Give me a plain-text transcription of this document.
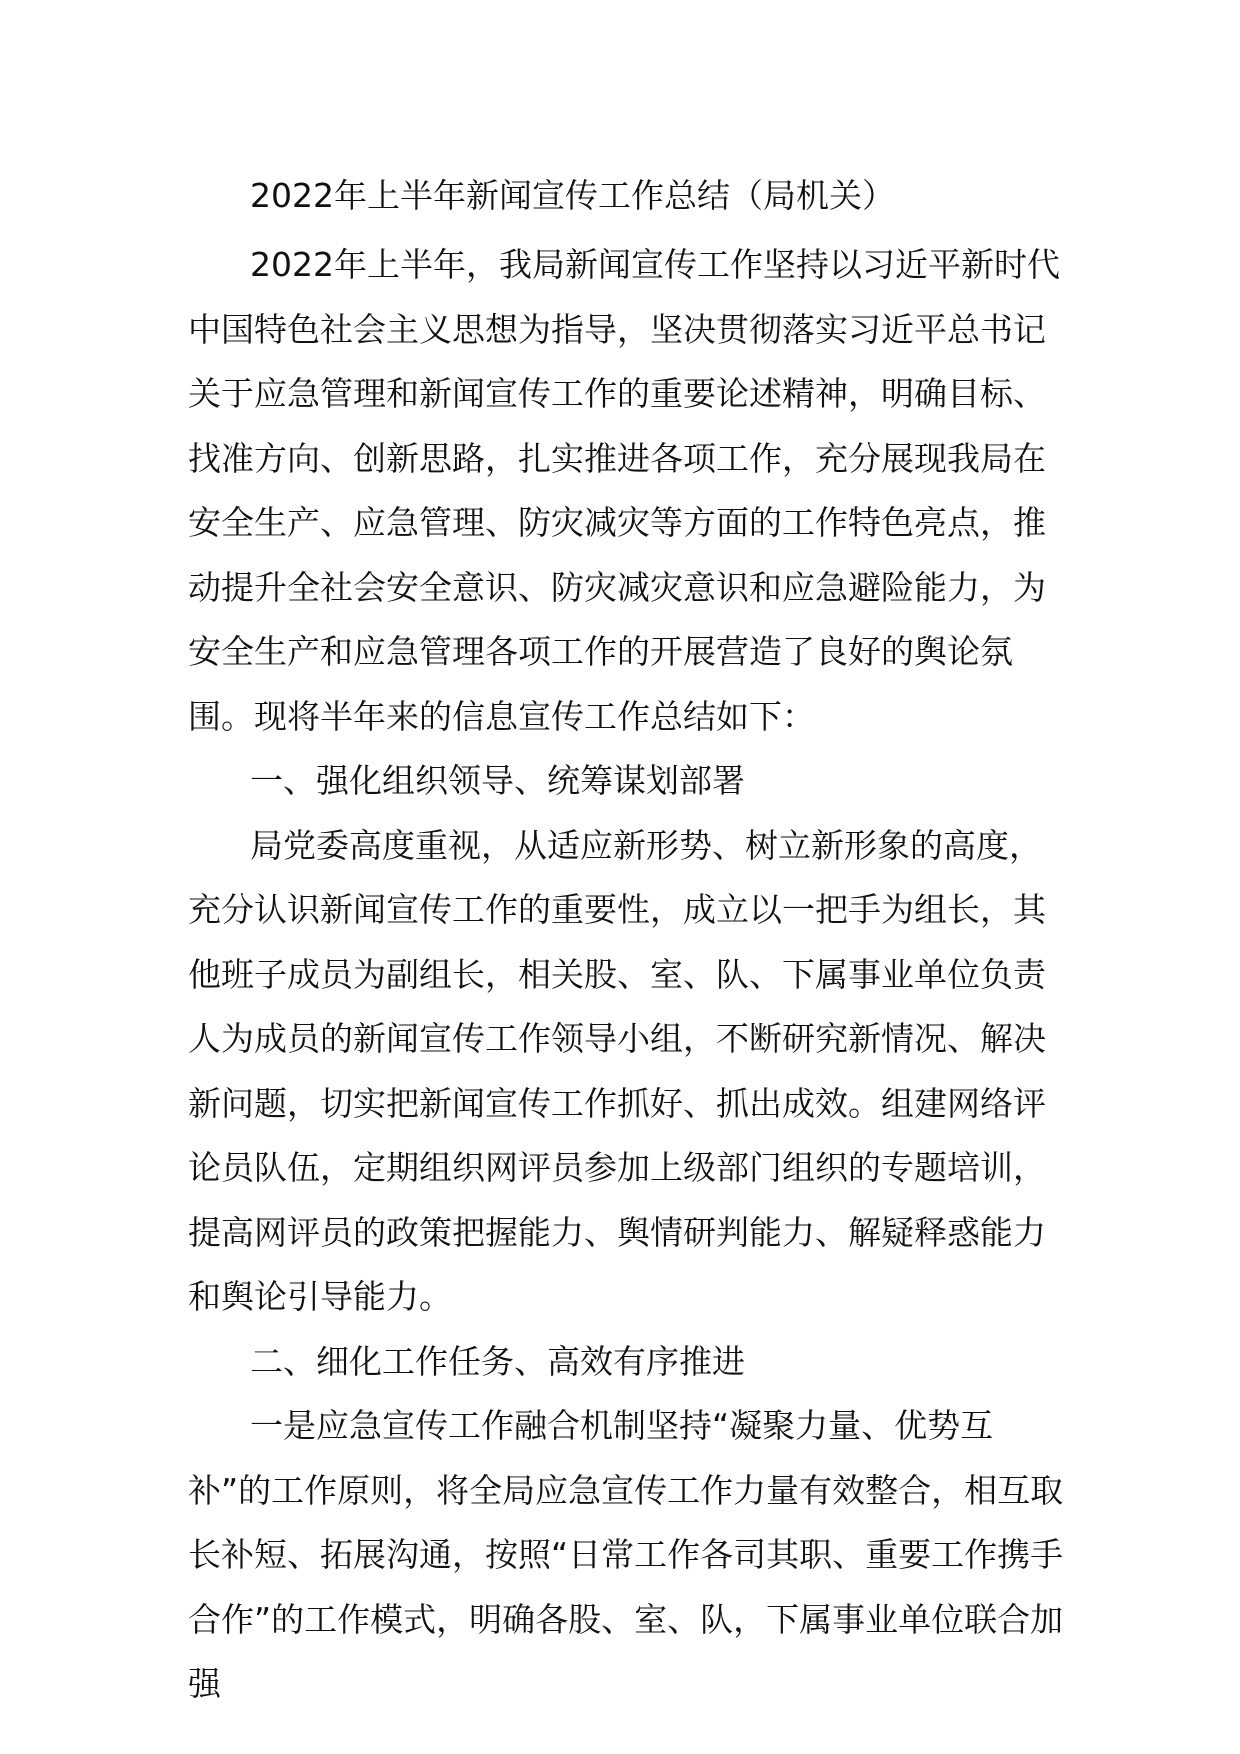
2022年上半年新闻宣传工作总结（局机关）

2022年上半年，我局新闻宣传工作坚持以习近平新时代中国特色社会主义思想为指导，坚决贯彻落实习近平总书记关于应急管理和新闻宣传工作的重要论述精神，明确目标、找准方向、创新思路，扎实推进各项工作，充分展现我局在安全生产、应急管理、防灾减灾等方面的工作特色亮点，推动提升全社会安全意识、防灾减灾意识和应急避险能力，为安全生产和应急管理各项工作的开展营造了良好的舆论氛围。现将半年来的信息宣传工作总结如下：

一、强化组织领导、统筹谋划部署

局党委高度重视，从适应新形势、树立新形象的高度，充分认识新闻宣传工作的重要性，成立以一把手为组长，其他班子成员为副组长，相关股、室、队、下属事业单位负责人为成员的新闻宣传工作领导小组，不断研究新情况、解决新问题，切实把新闻宣传工作抓好、抓出成效。组建网络评论员队伍，定期组织网评员参加上级部门组织的专题培训，提高网评员的政策把握能力、舆情研判能力、解疑释惑能力和舆论引导能力。

二、细化工作任务、高效有序推进

一是应急宣传工作融合机制坚持“凝聚力量、优势互补”的工作原则，将全局应急宣传工作力量有效整合，相互取长补短、拓展沟通，按照“日常工作各司其职、重要工作携手合作”的工作模式，明确各股、室、队，下属事业单位联合加强
